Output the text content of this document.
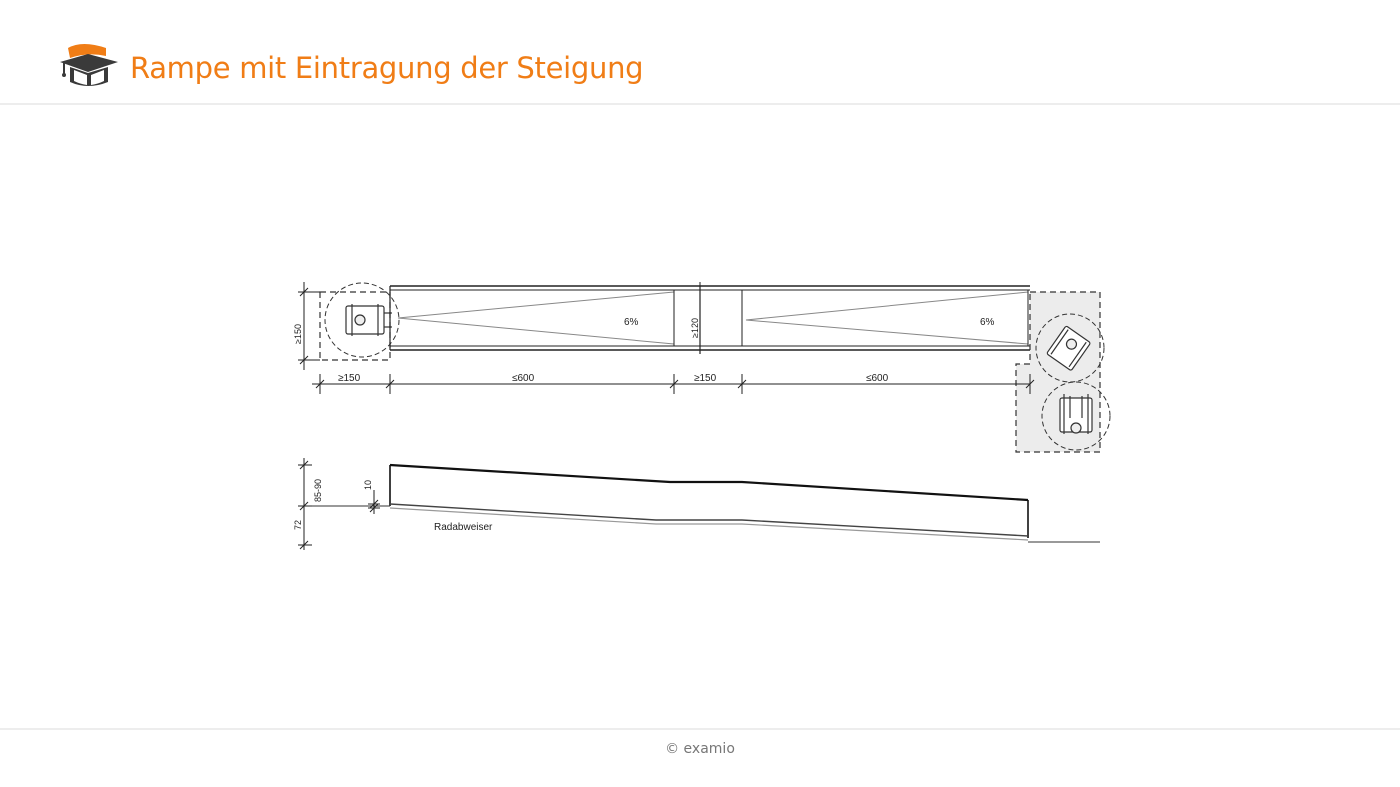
Rampe mit Eintragung der Steigung
6%	6%
≥120
≥150
≥150	≤600	≥150	≤600
85-90
72
10
Radabweiser
© examio
